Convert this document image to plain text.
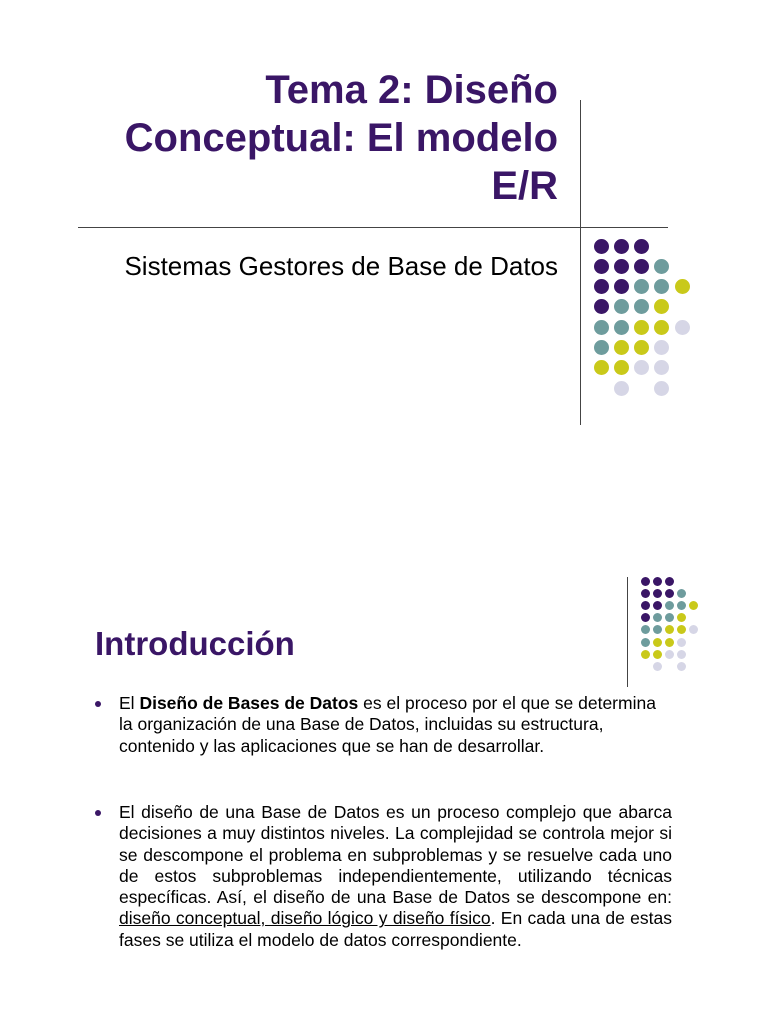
Tema 2: Diseño Conceptual: El modelo E/R

Sistemas Gestores de Base de Datos

Introducción

El Diseño de Bases de Datos es el proceso por el que se determina la organización de una Base de Datos, incluidas su estructura, contenido y las aplicaciones que se han de desarrollar.

El diseño de una Base de Datos es un proceso complejo que abarca decisiones a muy distintos niveles. La complejidad se controla mejor si se descompone el problema en subproblemas y se resuelve cada uno de estos subproblemas independientemente, utilizando técnicas específicas. Así, el diseño de una Base de Datos se descompone en: diseño conceptual, diseño lógico y diseño físico. En cada una de estas fases se utiliza el modelo de datos correspondiente.
